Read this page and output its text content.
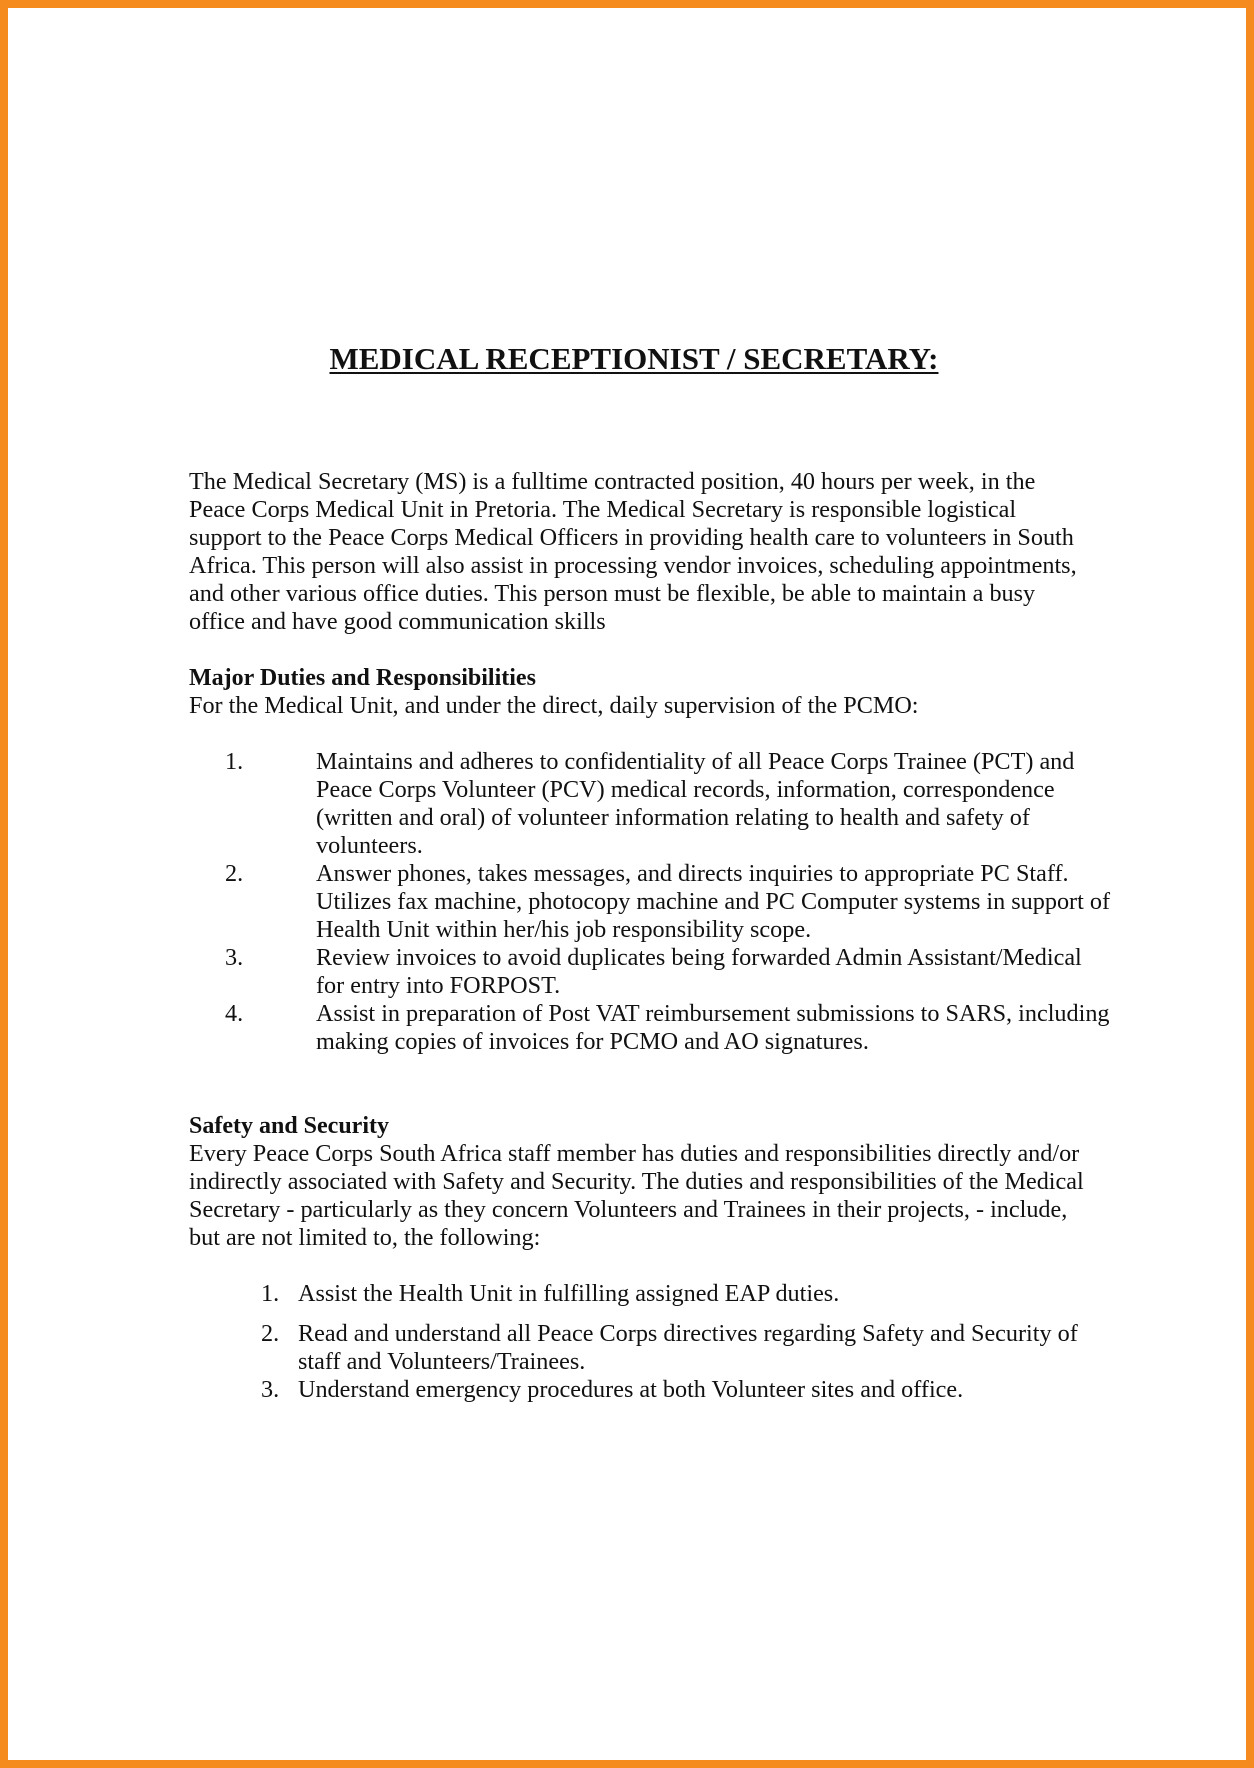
MEDICAL RECEPTIONIST / SECRETARY:

The Medical Secretary (MS) is a fulltime contracted position, 40 hours per week, in the Peace Corps Medical Unit in Pretoria. The Medical Secretary is responsible logistical support to the Peace Corps Medical Officers in providing health care to volunteers in South Africa. This person will also assist in processing vendor invoices, scheduling appointments, and other various office duties. This person must be flexible, be able to maintain a busy office and have good communication skills

Major Duties and Responsibilities

For the Medical Unit, and under the direct, daily supervision of the PCMO:

1.	Maintains and adheres to confidentiality of all Peace Corps Trainee (PCT) and Peace Corps Volunteer (PCV) medical records, information, correspondence (written and oral) of volunteer information relating to health and safety of volunteers.
2.	Answer phones, takes messages, and directs inquiries to appropriate PC Staff. Utilizes fax machine, photocopy machine and PC Computer systems in support of Health Unit within her/his job responsibility scope.
3.	Review invoices to avoid duplicates being forwarded Admin Assistant/Medical for entry into FORPOST.
4.	Assist in preparation of Post VAT reimbursement submissions to SARS, including making copies of invoices for PCMO and AO signatures.

Safety and Security

Every Peace Corps South Africa staff member has duties and responsibilities directly and/or indirectly associated with Safety and Security. The duties and responsibilities of the Medical Secretary - particularly as they concern Volunteers and Trainees in their projects, - include, but are not limited to, the following:

1. Assist the Health Unit in fulfilling assigned EAP duties.
2. Read and understand all Peace Corps directives regarding Safety and Security of staff and Volunteers/Trainees.
3. Understand emergency procedures at both Volunteer sites and office.
